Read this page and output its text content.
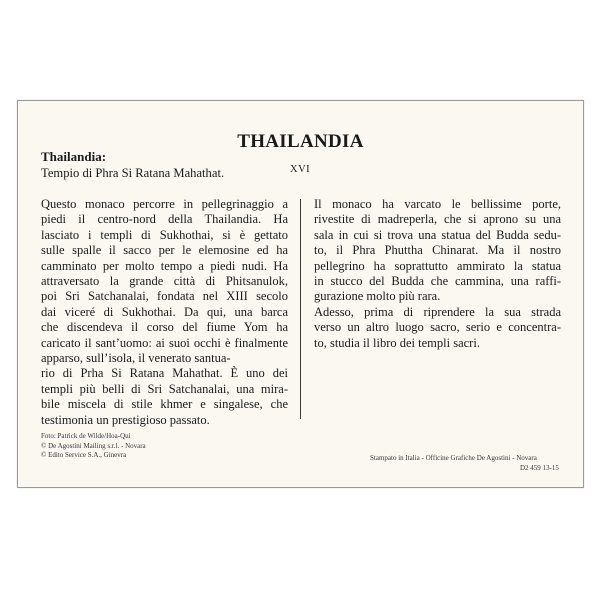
THAILANDIA
Thailandia:
Tempio di Phra Si Ratana Mahathat.	XVI

Questo monaco percorre in pellegrinaggio a
piedi il centro-nord della Thailandia. Ha
lasciato i templi di Sukhothai, si è gettato
sulle spalle il sacco per le elemosine ed ha
camminato per molto tempo a piedi nudi. Ha
attraversato la grande città di Phitsanulok,
poi Sri Satchanalai, fondata nel XIII secolo
dai viceré di Sukhothai. Da qui, una barca
che discendeva il corso del fiume Yom ha
caricato il sant’uomo: ai suoi occhi è finalmente apparso, sull’isola, il venerato santua-
rio di Prha Si Ratana Mahathat. È uno dei
templi più belli di Sri Satchanalai, una mira-
bile miscela di stile khmer e singalese, che
testimonia un prestigioso passato.

Il monaco ha varcato le bellissime porte,
rivestite di madreperla, che si aprono su una
sala in cui si trova una statua del Budda sedu-
to, il Phra Phuttha Chinarat. Ma il nostro
pellegrino ha soprattutto ammirato la statua
in stucco del Budda che cammina, una raffi-
gurazione molto più rara.
Adesso, prima di riprendere la sua strada
verso un altro luogo sacro, serio e concentra-
to, studia il libro dei templi sacri.

Foto: Patrick de Wilde/Hoa-Qui
© De Agostini Mailing s.r.l. - Novara
© Edito Service S.A., Ginevra	Stampato in Italia - Officine Grafiche De Agostini - Novara
D2 459 13-15
